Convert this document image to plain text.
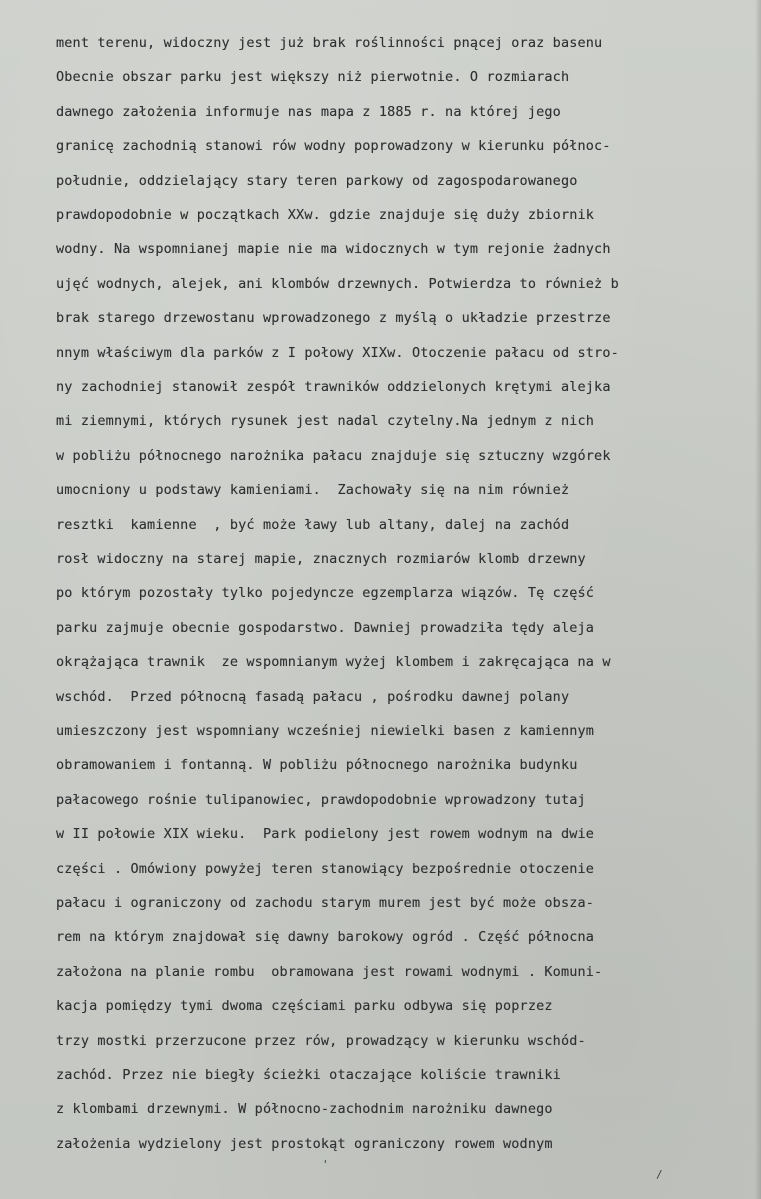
ment terenu, widoczny jest już brak roślinności pnącej oraz basenu

Obecnie obszar parku jest większy niż pierwotnie. O rozmiarach

dawnego założenia informuje nas mapa z 1885 r. na której jego

granicę zachodnią stanowi rów wodny poprowadzony w kierunku północ-

południe, oddzielający stary teren parkowy od zagospodarowanego

prawdopodobnie w początkach XXw. gdzie znajduje się duży zbiornik

wodny. Na wspomnianej mapie nie ma widocznych w tym rejonie żadnych

ujęć wodnych, alejek, ani klombów drzewnych. Potwierdza to również b

brak starego drzewostanu wprowadzonego z myślą o układzie przestrze

nnym właściwym dla parków z I połowy XIXw. Otoczenie pałacu od stro-

ny zachodniej stanowił zespół trawników oddzielonych krętymi alejka

mi ziemnymi, których rysunek jest nadal czytelny.Na jednym z nich

w pobliżu północnego narożnika pałacu znajduje się sztuczny wzgórek

umocniony u podstawy kamieniami.  Zachowały się na nim również

resztki  kamienne  , być może ławy lub altany, dalej na zachód

rosł widoczny na starej mapie, znacznych rozmiarów klomb drzewny

po którym pozostały tylko pojedyncze egzemplarza wiązów. Tę część

parku zajmuje obecnie gospodarstwo. Dawniej prowadziła tędy aleja

okrążająca trawnik  ze wspomnianym wyżej klombem i zakręcająca na w

wschód.  Przed północną fasadą pałacu , pośrodku dawnej polany

umieszczony jest wspomniany wcześniej niewielki basen z kamiennym

obramowaniem i fontanną. W pobliżu północnego narożnika budynku

pałacowego rośnie tulipanowiec, prawdopodobnie wprowadzony tutaj

w II połowie XIX wieku.  Park podielony jest rowem wodnym na dwie

części . Omówiony powyżej teren stanowiący bezpośrednie otoczenie

pałacu i ograniczony od zachodu starym murem jest być może obsza-

rem na którym znajdował się dawny barokowy ogród . Część północna

założona na planie rombu  obramowana jest rowami wodnymi . Komuni-

kacja pomiędzy tymi dwoma częściami parku odbywa się poprzez

trzy mostki przerzucone przez rów, prowadzący w kierunku wschód-

zachód. Przez nie biegły ścieżki otaczające koliście trawniki

z klombami drzewnymi. W północno-zachodnim narożniku dawnego

założenia wydzielony jest prostokąt ograniczony rowem wodnym

'
/
